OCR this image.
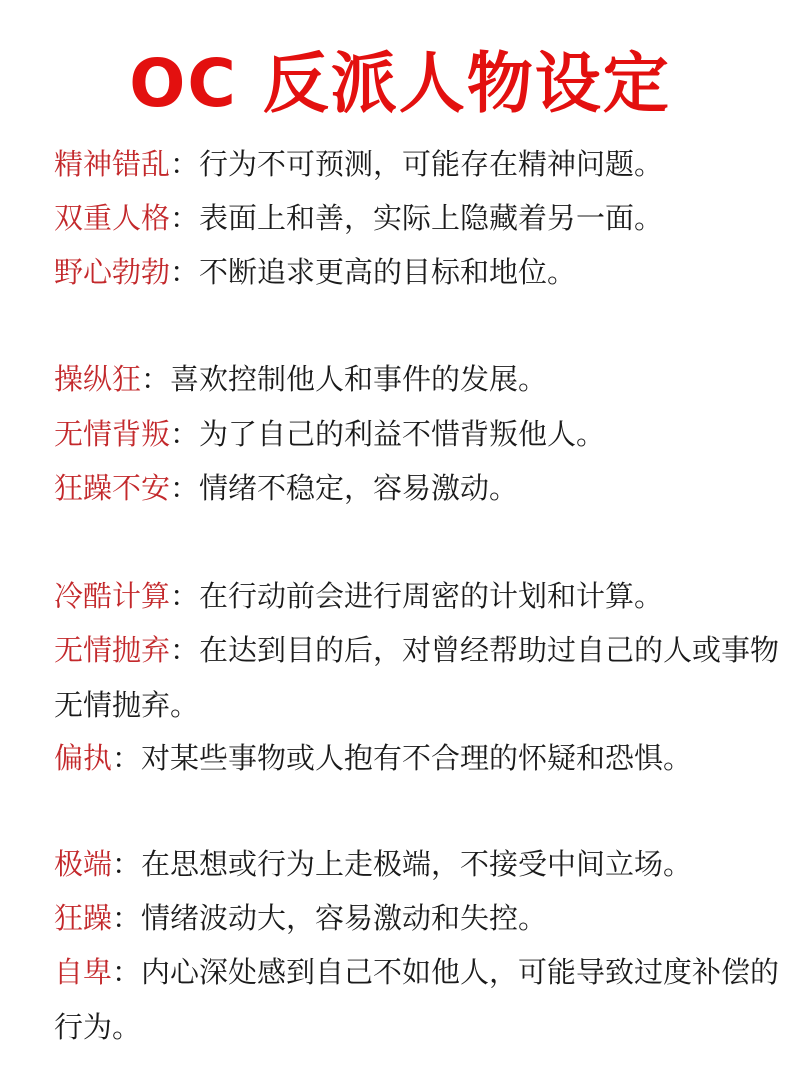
OC 反派人物设定

精神错乱：行为不可预测，可能存在精神问题。

双重人格：表面上和善，实际上隐藏着另一面。

野心勃勃：不断追求更高的目标和地位。

操纵狂：喜欢控制他人和事件的发展。

无情背叛：为了自己的利益不惜背叛他人。

狂躁不安：情绪不稳定，容易激动。

冷酷计算：在行动前会进行周密的计划和计算。

无情抛弃：在达到目的后，对曾经帮助过自己的人或事物无情抛弃。

偏执：对某些事物或人抱有不合理的怀疑和恐惧。

极端：在思想或行为上走极端，不接受中间立场。

狂躁：情绪波动大，容易激动和失控。

自卑：内心深处感到自己不如他人，可能导致过度补偿的行为。
